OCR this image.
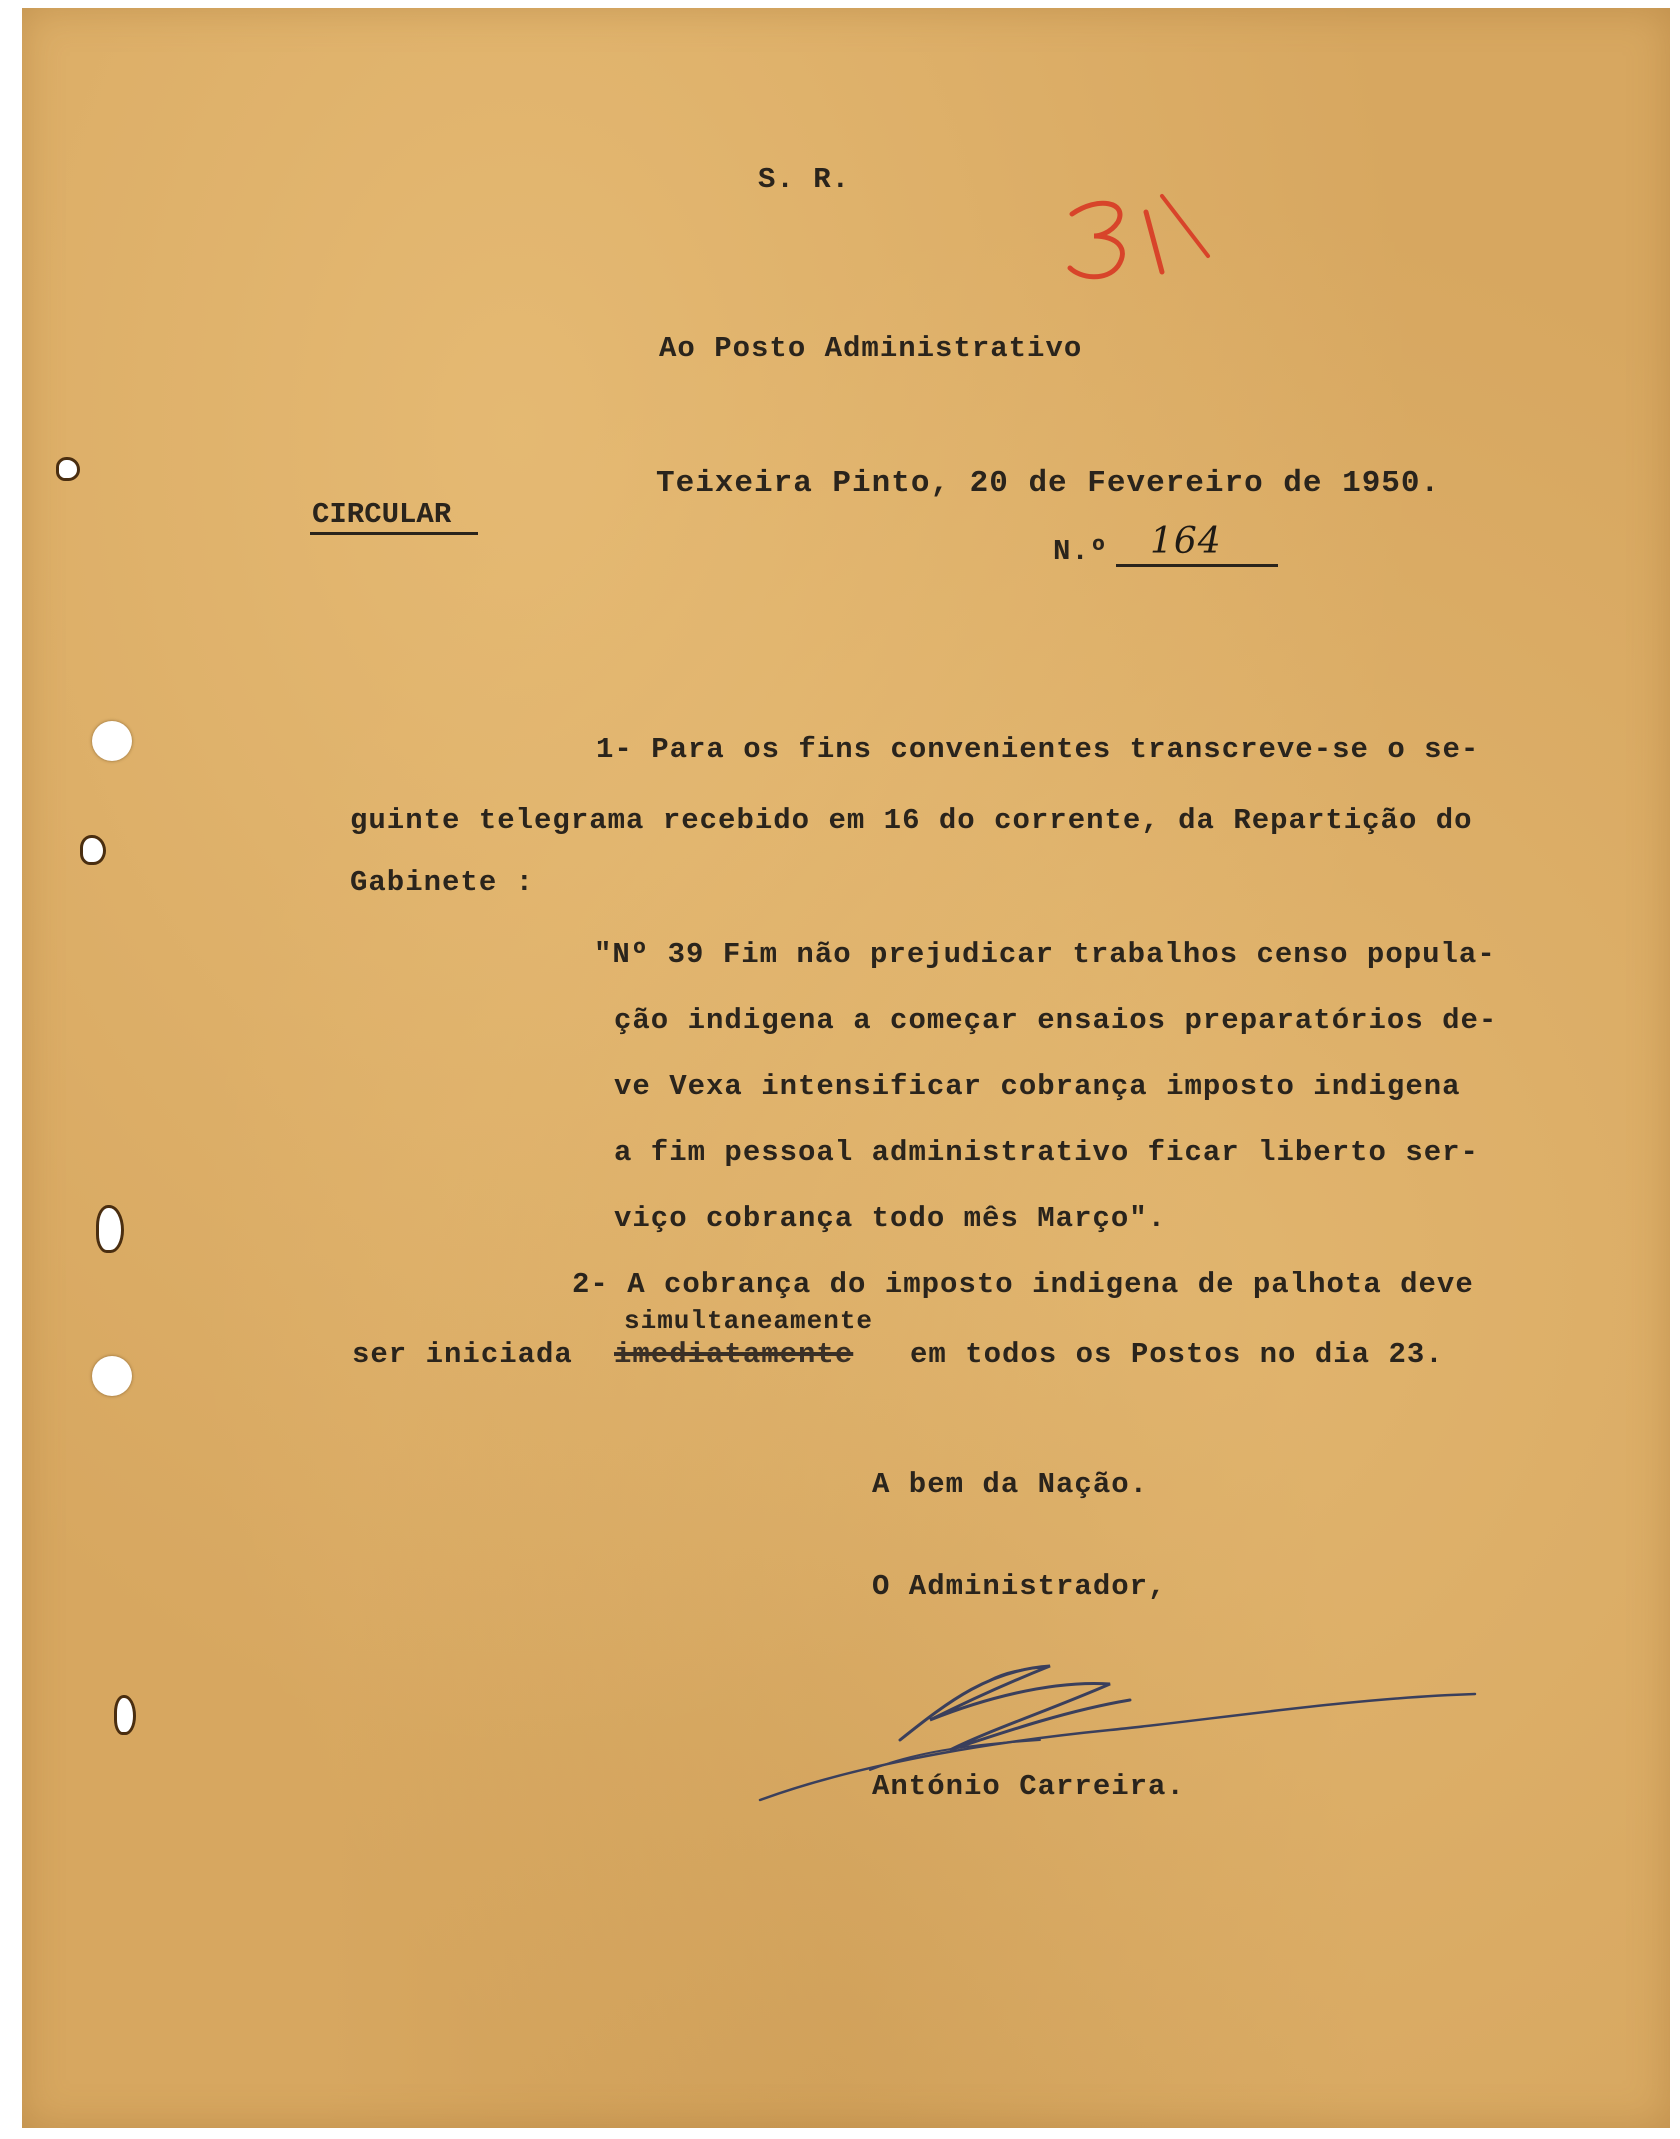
S. R.	31
Ao Posto Administrativo
Teixeira Pinto, 20 de Fevereiro de 1950.
CIRCULAR
N.º 164
1- Para os fins convenientes transcreve-se o se-
guinte telegrama recebido em 16 do corrente, da Repartição do
Gabinete :
"Nº 39 Fim não prejudicar trabalhos censo popula-
ção indigena a começar ensaios preparatórios de-
ve Vexa intensificar cobrança imposto indigena
a fim pessoal administrativo ficar liberto ser-
viço cobrança todo mês Março".
2- A cobrança do imposto indigena de palhota deve
simultaneamente
ser iniciada imediatamente em todos os Postos no dia 23.
A bem da Nação.
O Administrador,
António Carreira.
